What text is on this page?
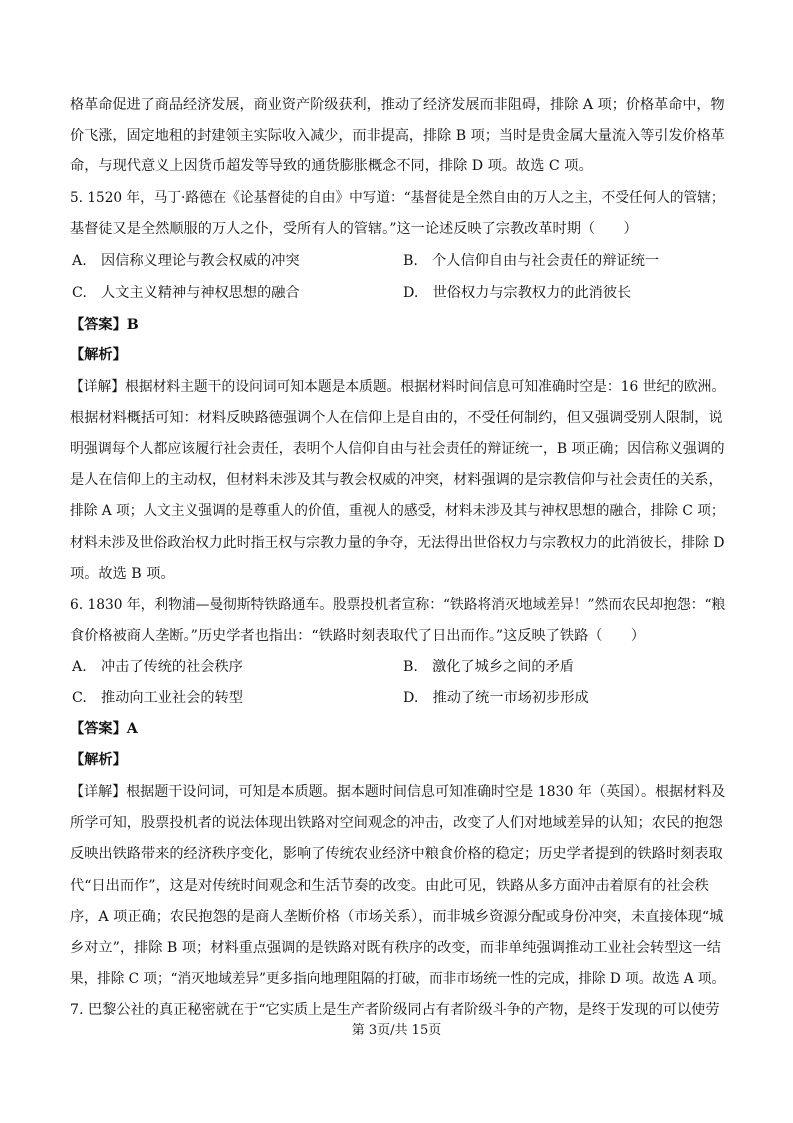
格革命促进了商品经济发展，商业资产阶级获利，推动了经济发展而非阻碍，排除 A 项；价格革命中，物
价飞涨，固定地租的封建领主实际收入减少，而非提高，排除 B 项；当时是贵金属大量流入等引发价格革
命，与现代意义上因货币超发等导致的通货膨胀概念不同，排除 D 项。故选 C 项。
5. 1520 年，马丁·路德在《论基督徒的自由》中写道：“基督徒是全然自由的万人之主，不受任何人的管辖；
基督徒又是全然顺服的万人之仆，受所有人的管辖。”这一论述反映了宗教改革时期（　　）
A.　因信称义理论与教会权威的冲突	B.　个人信仰自由与社会责任的辩证统一
C.　人文主义精神与神权思想的融合	D.　世俗权力与宗教权力的此消彼长
【答案】B
【解析】
【详解】根据材料主题干的设问词可知本题是本质题。根据材料时间信息可知准确时空是：16 世纪的欧洲。
根据材料概括可知：材料反映路德强调个人在信仰上是自由的，不受任何制约，但又强调受别人限制，说
明强调每个人都应该履行社会责任，表明个人信仰自由与社会责任的辩证统一，B 项正确；因信称义强调的
是人在信仰上的主动权，但材料未涉及其与教会权威的冲突，材料强调的是宗教信仰与社会责任的关系，
排除 A 项；人文主义强调的是尊重人的价值，重视人的感受，材料未涉及其与神权思想的融合，排除 C 项；
材料未涉及世俗政治权力此时指王权与宗教力量的争夺，无法得出世俗权力与宗教权力的此消彼长，排除 D
项。故选 B 项。
6. 1830 年，利物浦—曼彻斯特铁路通车。股票投机者宣称：“铁路将消灭地域差异！”然而农民却抱怨：“粮
食价格被商人垄断。”历史学者也指出：“铁路时刻表取代了日出而作。”这反映了铁路（　　）
A.　冲击了传统的社会秩序	B.　激化了城乡之间的矛盾
C.　推动向工业社会的转型	D.　推动了统一市场初步形成
【答案】A
【解析】
【详解】根据题干设问词，可知是本质题。据本题时间信息可知准确时空是 1830 年（英国）。根据材料及
所学可知，股票投机者的说法体现出铁路对空间观念的冲击，改变了人们对地域差异的认知；农民的抱怨
反映出铁路带来的经济秩序变化，影响了传统农业经济中粮食价格的稳定；历史学者提到的铁路时刻表取
代“日出而作”，这是对传统时间观念和生活节奏的改变。由此可见，铁路从多方面冲击着原有的社会秩
序，A 项正确；农民抱怨的是商人垄断价格（市场关系），而非城乡资源分配或身份冲突，未直接体现“城
乡对立”，排除 B 项；材料重点强调的是铁路对既有秩序的改变，而非单纯强调推动工业社会转型这一结
果，排除 C 项；“消灭地域差异”更多指向地理阻隔的打破，而非市场统一性的完成，排除 D 项。故选 A 项。
7. 巴黎公社的真正秘密就在于“它实质上是生产者阶级同占有者阶级斗争的产物，是终于发现的可以使劳
第 3页/共 15页
